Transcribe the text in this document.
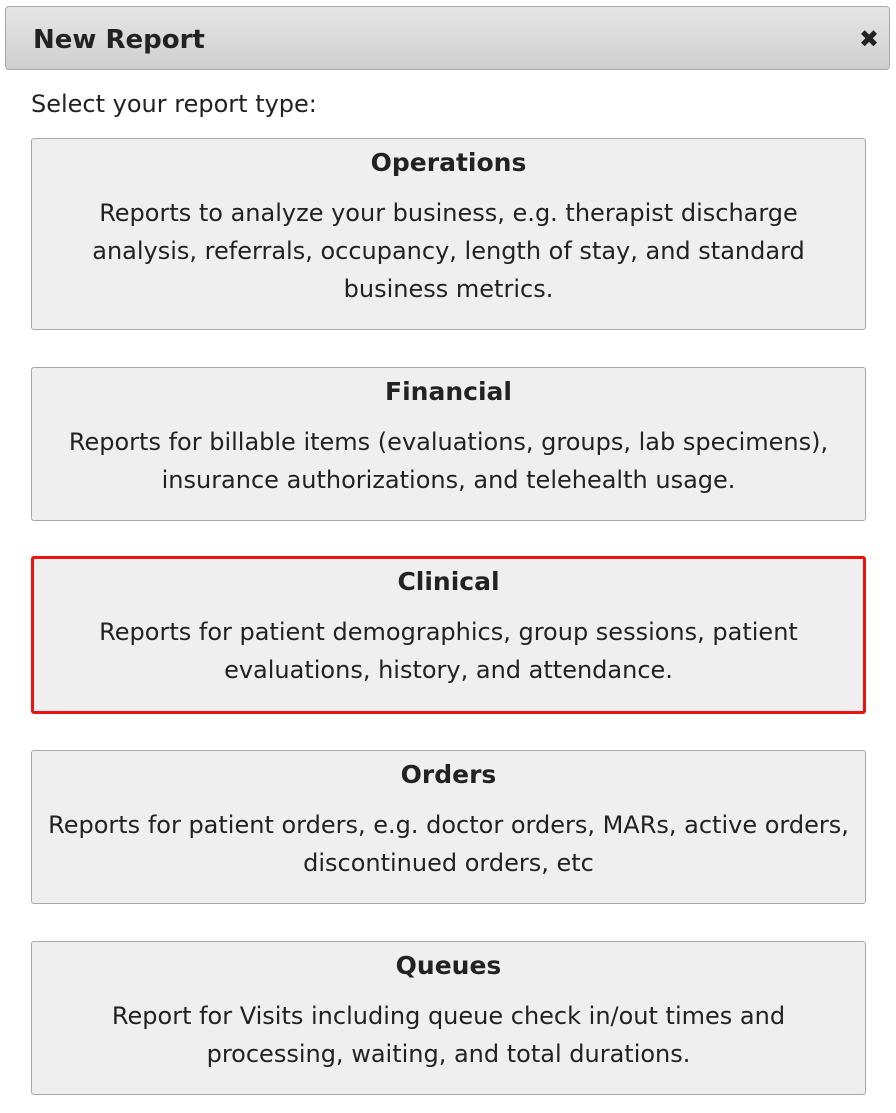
New Report	✖
Select your report type:
Operations
Reports to analyze your business, e.g. therapist discharge analysis, referrals, occupancy, length of stay, and standard business metrics.
Financial
Reports for billable items (evaluations, groups, lab specimens), insurance authorizations, and telehealth usage.
Clinical
Reports for patient demographics, group sessions, patient evaluations, history, and attendance.
Orders
Reports for patient orders, e.g. doctor orders, MARs, active orders, discontinued orders, etc
Queues
Report for Visits including queue check in/out times and processing, waiting, and total durations.
